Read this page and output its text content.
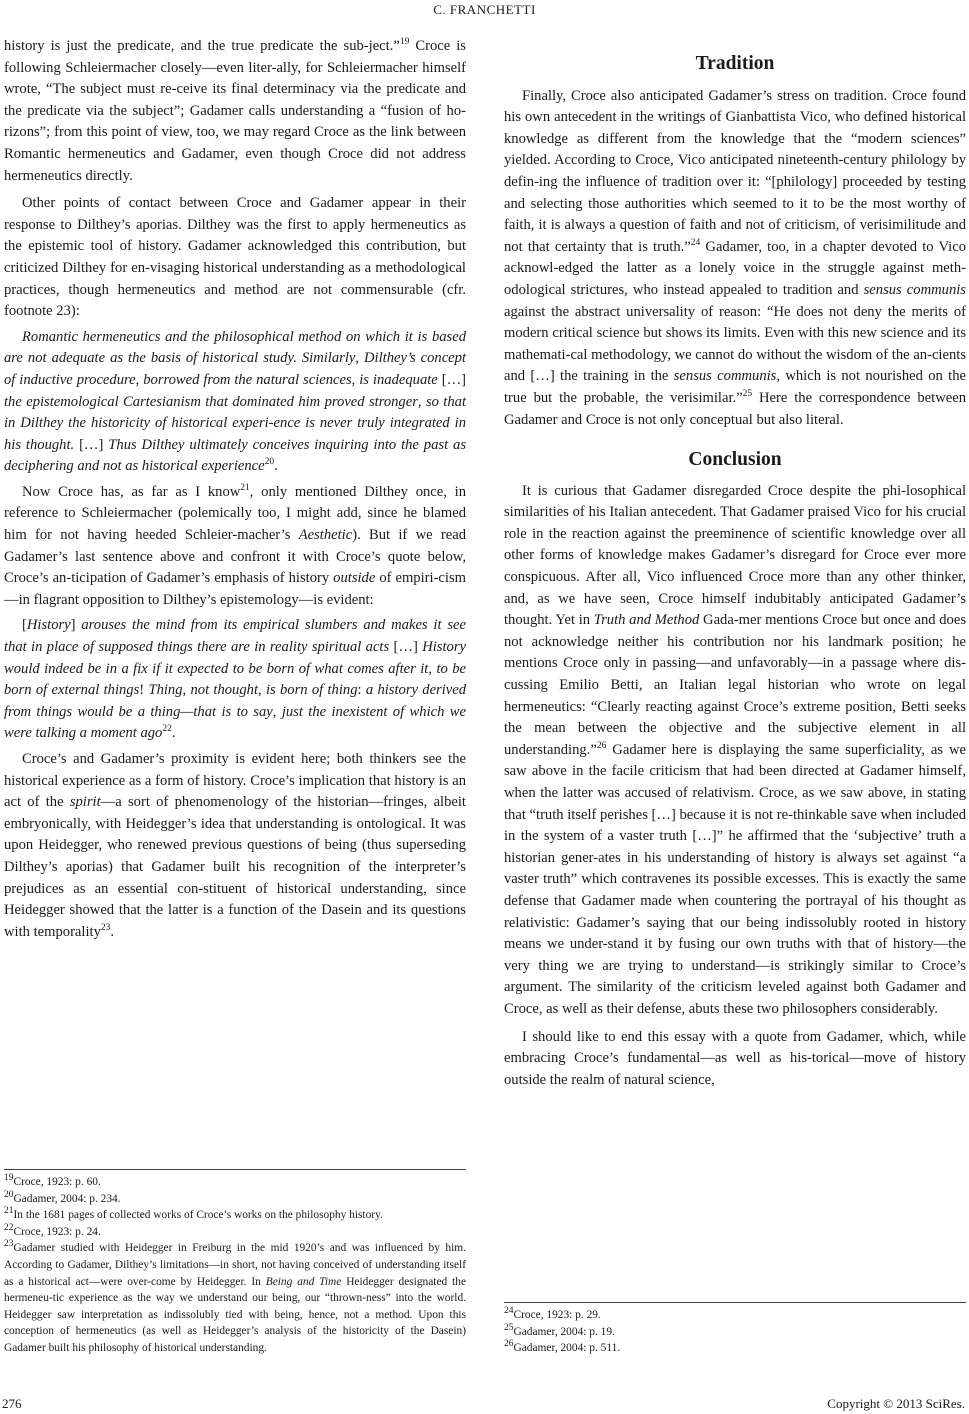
C. FRANCHETTI

history is just the predicate, and the true predicate the sub-ject.”$^{19}$ Croce is following Schleiermacher closely—even liter-ally, for Schleiermacher himself wrote, “The subject must re-ceive its final determinacy via the predicate and the predicate via the subject”; Gadamer calls understanding a “fusion of ho-rizons”; from this point of view, too, we may regard Croce as the link between Romantic hermeneutics and Gadamer, even though Croce did not address hermeneutics directly.

Other points of contact between Croce and Gadamer appear in their response to Dilthey’s aporias. Dilthey was the first to apply hermeneutics as the epistemic tool of history. Gadamer acknowledged this contribution, but criticized Dilthey for en-visaging historical understanding as a methodological practices, though hermeneutics and method are not commensurable (cfr. footnote 23):

Romantic hermeneutics and the philosophical method on which it is based are not adequate as the basis of historical study. Similarly, Dilthey’s concept of inductive procedure, borrowed from the natural sciences, is inadequate […] the epistemological Cartesianism that dominated him proved stronger, so that in Dilthey the historicity of historical experi-ence is never truly integrated in his thought. […] Thus Dilthey ultimately conceives inquiring into the past as deciphering and not as historical experience$^{20}$.

Now Croce has, as far as I know$^{21}$, only mentioned Dilthey once, in reference to Schleiermacher (polemically too, I might add, since he blamed him for not having heeded Schleier-macher’s Aesthetic). But if we read Gadamer’s last sentence above and confront it with Croce’s quote below, Croce’s an-ticipation of Gadamer’s emphasis of history outside of empiri-cism—in flagrant opposition to Dilthey’s epistemology—is evident:

[History] arouses the mind from its empirical slumbers and makes it see that in place of supposed things there are in reality spiritual acts […] History would indeed be in a fix if it expected to be born of what comes after it, to be born of external things! Thing, not thought, is born of thing: a history derived from things would be a thing—that is to say, just the inexistent of which we were talking a moment ago$^{22}$.

Croce’s and Gadamer’s proximity is evident here; both thinkers see the historical experience as a form of history. Croce’s implication that history is an act of the spirit—a sort of phenomenology of the historian—fringes, albeit embryonically, with Heidegger’s idea that understanding is ontological. It was upon Heidegger, who renewed previous questions of being (thus superseding Dilthey’s aporias) that Gadamer built his recognition of the interpreter’s prejudices as an essential con-stituent of historical understanding, since Heidegger showed that the latter is a function of the Dasein and its questions with temporality$^{23}$.

$^{19}$Croce, 1923: p. 60.
$^{20}$Gadamer, 2004: p. 234.
$^{21}$In the 1681 pages of collected works of Croce’s works on the philosophy history.
$^{22}$Croce, 1923: p. 24.
$^{23}$Gadamer studied with Heidegger in Freiburg in the mid 1920’s and was influenced by him. According to Gadamer, Dilthey’s limitations—in short, not having conceived of understanding itself as a historical act—were over-come by Heidegger. In Being and Time Heidegger designated the hermeneu-tic experience as the way we understand our being, our “thrown-ness” into the world. Heidegger saw interpretation as indissolubly tied with being, hence, not a method. Upon this conception of hermeneutics (as well as Heidegger’s analysis of the historicity of the Dasein) Gadamer built his philosophy of historical understanding.
Tradition

Finally, Croce also anticipated Gadamer’s stress on tradition. Croce found his own antecedent in the writings of Gianbattista Vico, who defined historical knowledge as different from the knowledge that the “modern sciences” yielded. According to Croce, Vico anticipated nineteenth-century philology by defin-ing the influence of tradition over it: “[philology] proceeded by testing and selecting those authorities which seemed to it to be the most worthy of faith, it is always a question of faith and not of criticism, of verisimilitude and not that certainty that is truth.”$^{24}$ Gadamer, too, in a chapter devoted to Vico acknowl-edged the latter as a lonely voice in the struggle against meth-odological strictures, who instead appealed to tradition and sensus communis against the abstract universality of reason: “He does not deny the merits of modern critical science but shows its limits. Even with this new science and its mathemati-cal methodology, we cannot do without the wisdom of the an-cients and […] the training in the sensus communis, which is not nourished on the true but the probable, the verisimilar.”$^{25}$ Here the correspondence between Gadamer and Croce is not only conceptual but also literal.

Conclusion

It is curious that Gadamer disregarded Croce despite the phi-losophical similarities of his Italian antecedent. That Gadamer praised Vico for his crucial role in the reaction against the preeminence of scientific knowledge over all other forms of knowledge makes Gadamer’s disregard for Croce ever more conspicuous. After all, Vico influenced Croce more than any other thinker, and, as we have seen, Croce himself indubitably anticipated Gadamer’s thought. Yet in Truth and Method Gada-mer mentions Croce but once and does not acknowledge neither his contribution nor his landmark position; he mentions Croce only in passing—and unfavorably—in a passage where dis-cussing Emilio Betti, an Italian legal historian who wrote on legal hermeneutics: “Clearly reacting against Croce’s extreme position, Betti seeks the mean between the objective and the subjective element in all understanding.”$^{26}$ Gadamer here is displaying the same superficiality, as we saw above in the facile criticism that had been directed at Gadamer himself, when the latter was accused of relativism. Croce, as we saw above, in stating that “truth itself perishes […] because it is not re-thinkable save when included in the system of a vaster truth […]” he affirmed that the ‘subjective’ truth a historian gener-ates in his understanding of history is always set against “a vaster truth” which contravenes its possible excesses. This is exactly the same defense that Gadamer made when countering the portrayal of his thought as relativistic: Gadamer’s saying that our being indissolubly rooted in history means we under-stand it by fusing our own truths with that of history—the very thing we are trying to understand—is strikingly similar to Croce’s argument. The similarity of the criticism leveled against both Gadamer and Croce, as well as their defense, abuts these two philosophers considerably.

I should like to end this essay with a quote from Gadamer, which, while embracing Croce’s fundamental—as well as his-torical—move of history outside the realm of natural science,

$^{24}$Croce, 1923: p. 29.
$^{25}$Gadamer, 2004: p. 19.
$^{26}$Gadamer, 2004: p. 511.
276	Copyright © 2013 SciRes.
